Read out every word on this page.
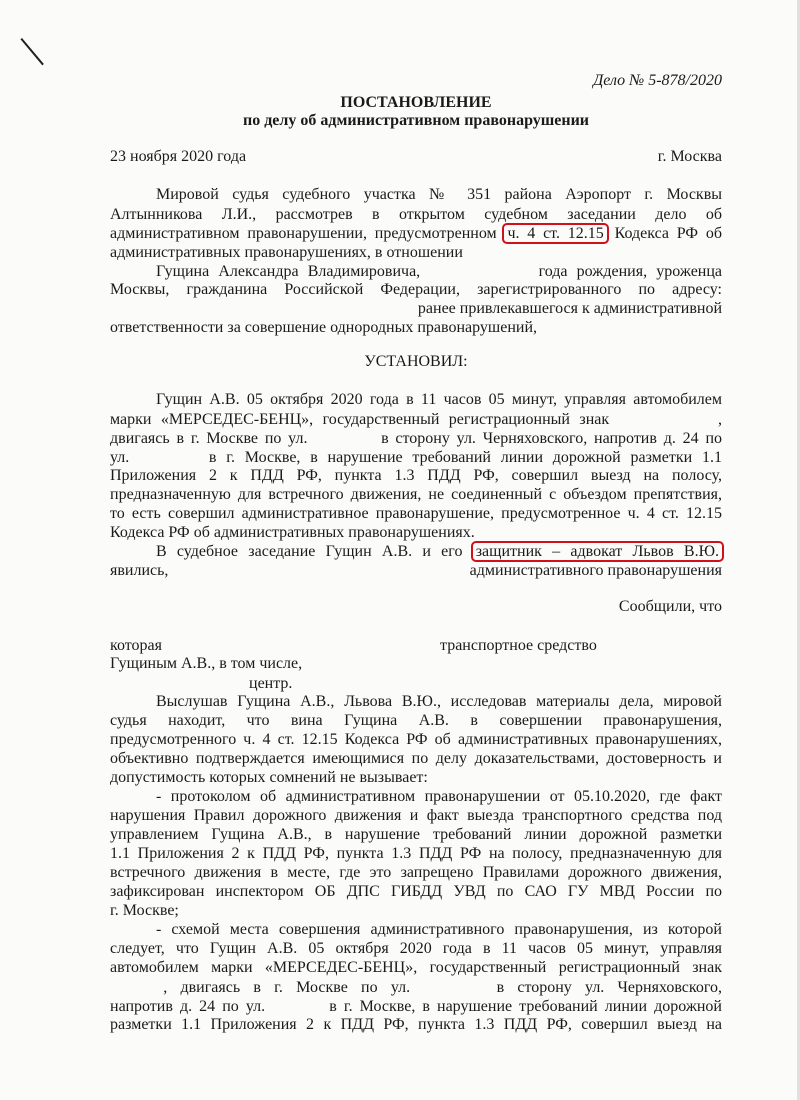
Дело № 5-878/2020
ПОСТАНОВЛЕНИЕ
по делу об административном правонарушении
23 ноября 2020 года	г. Москва
Мировой судья судебного участка № 351 района Аэропорт г. Москвы
Алтынникова Л.И., рассмотрев в открытом судебном заседании дело об
административном правонарушении, предусмотренном ч. 4 ст. 12.15 Кодекса РФ об
административных правонарушениях, в отношении
Гущина Александра Владимировича,	года рождения, уроженца
Москвы, гражданина Российской Федерации, зарегистрированного по адресу:
ранее привлекавшегося к административной
ответственности за совершение однородных правонарушений,
УСТАНОВИЛ:
Гущин А.В. 05 октября 2020 года в 11 часов 05 минут, управляя автомобилем
марки «МЕРСЕДЕС-БЕНЦ», государственный регистрационный знак	,
двигаясь в г. Москве по ул.	в сторону ул. Черняховского, напротив д. 24 по
ул.	в г. Москве, в нарушение требований линии дорожной разметки 1.1
Приложения 2 к ПДД РФ, пункта 1.3 ПДД РФ, совершил выезд на полосу,
предназначенную для встречного движения, не соединенный с объездом препятствия,
то есть совершил административное правонарушение, предусмотренное ч. 4 ст. 12.15
Кодекса РФ об административных правонарушениях.
В судебное заседание Гущин А.В. и его защитник – адвокат Львов В.Ю.
явились,	административного правонарушения
Сообщили, что
которая	транспортное средство
Гущиным А.В., в том числе,
центр.
Выслушав Гущина А.В., Львова В.Ю., исследовав материалы дела, мировой
судья находит, что вина Гущина А.В. в совершении правонарушения,
предусмотренного ч. 4 ст. 12.15 Кодекса РФ об административных правонарушениях,
объективно подтверждается имеющимися по делу доказательствами, достоверность и
допустимость которых сомнений не вызывает:
- протоколом об административном правонарушении от 05.10.2020, где факт
нарушения Правил дорожного движения и факт выезда транспортного средства под
управлением Гущина А.В., в нарушение требований линии дорожной разметки
1.1 Приложения 2 к ПДД РФ, пункта 1.3 ПДД РФ на полосу, предназначенную для
встречного движения в месте, где это запрещено Правилами дорожного движения,
зафиксирован инспектором ОБ ДПС ГИБДД УВД по САО ГУ МВД России по
г. Москве;
- схемой места совершения административного правонарушения, из которой
следует, что Гущин А.В. 05 октября 2020 года в 11 часов 05 минут, управляя
автомобилем марки «МЕРСЕДЕС-БЕНЦ», государственный регистрационный знак
, двигаясь в г. Москве по ул.	в сторону ул. Черняховского,
напротив д. 24 по ул.	в г. Москве, в нарушение требований линии дорожной
разметки 1.1 Приложения 2 к ПДД РФ, пункта 1.3 ПДД РФ, совершил выезд на
